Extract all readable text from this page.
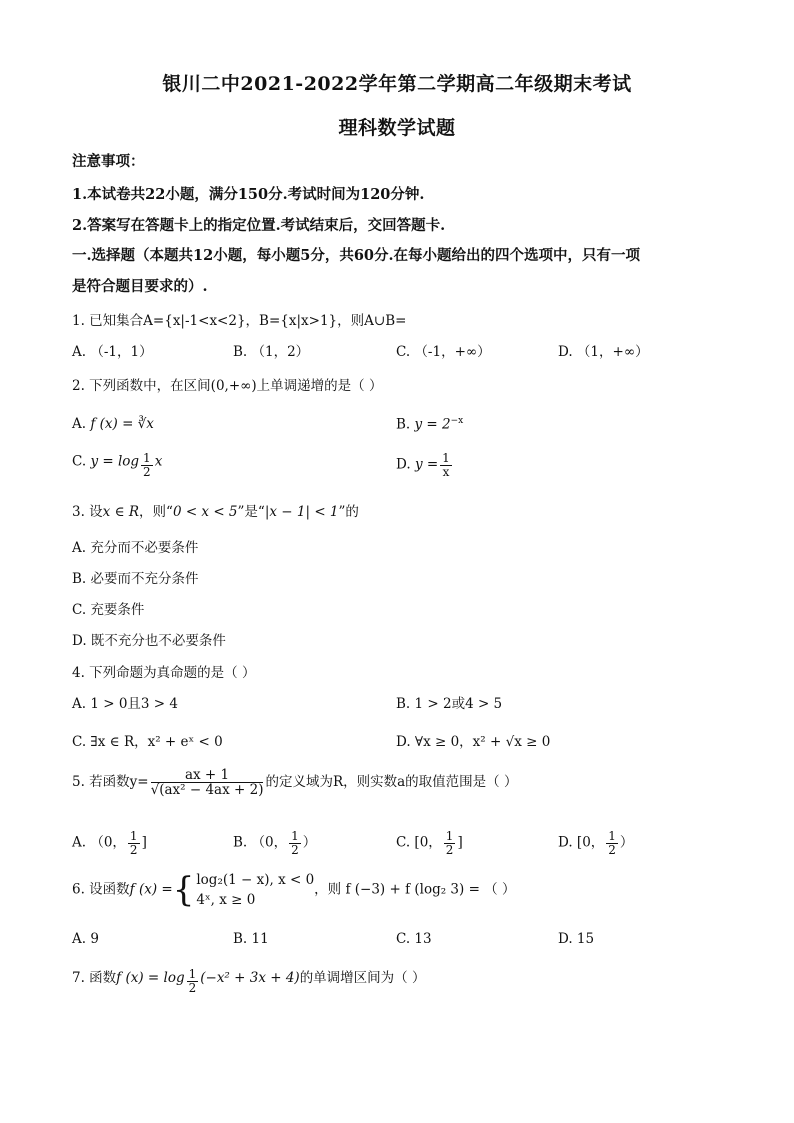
银川二中2021-2022学年第二学期高二年级期末考试
理科数学试题
注意事项：
1.本试卷共22小题，满分150分.考试时间为120分钟.
2.答案写在答题卡上的指定位置.考试结束后，交回答题卡.
一.选择题（本题共12小题，每小题5分，共60分.在每小题给出的四个选项中，只有一项
是符合题目要求的）.
1. 已知集合A={x|-1<x<2}，B={x|x>1}，则A∪B=
A. （-1，1）	B. （1，2）	C. （-1，+∞）	D. （1，+∞）
2. 下列函数中，在区间(0,+∞)上单调递增的是（ ）
A. f (x) = ∛x	B. $y = 2^{-x}$
C. $y = \log \frac{1}{2}$ x	D. $y = \frac{1}{x}$
3. 设x ∈ R，则“0 < x < 5”是“|x − 1| < 1”的
A. 充分而不必要条件
B. 必要而不充分条件
C. 充要条件
D. 既不充分也不必要条件
4. 下列命题为真命题的是（ ）
A. 1 > 0且3 > 4	B. 1 > 2或4 > 5
C. ∃x ∈ R，x² + eˣ < 0	D. ∀x ≥ 0，x² + √x ≥ 0
5. 若函数$y= \frac{ax + 1}{\text{√(ax² − 4ax + 2)}}$ 的定义域为R，则实数a的取值范围是（ ）
A. （0， $\frac{1}{2}$ ]	B. （0， $\frac{1}{2}$ ）	C. [0， $\frac{1}{2}$ ]	D. [0， $\frac{1}{2}$ ）
6. 设函数f (x) ={ log₂(1 − x), x < 0
4ˣ, x ≥ 0
，则 f (−3) + f (log₂ 3) = （ ）
A. 9	B. 11	C. 13	D. 15
7. 函数f $(x) = \log \frac{1}{2} (-x^2 + 3x + 4)$的单调增区间为（ ）
